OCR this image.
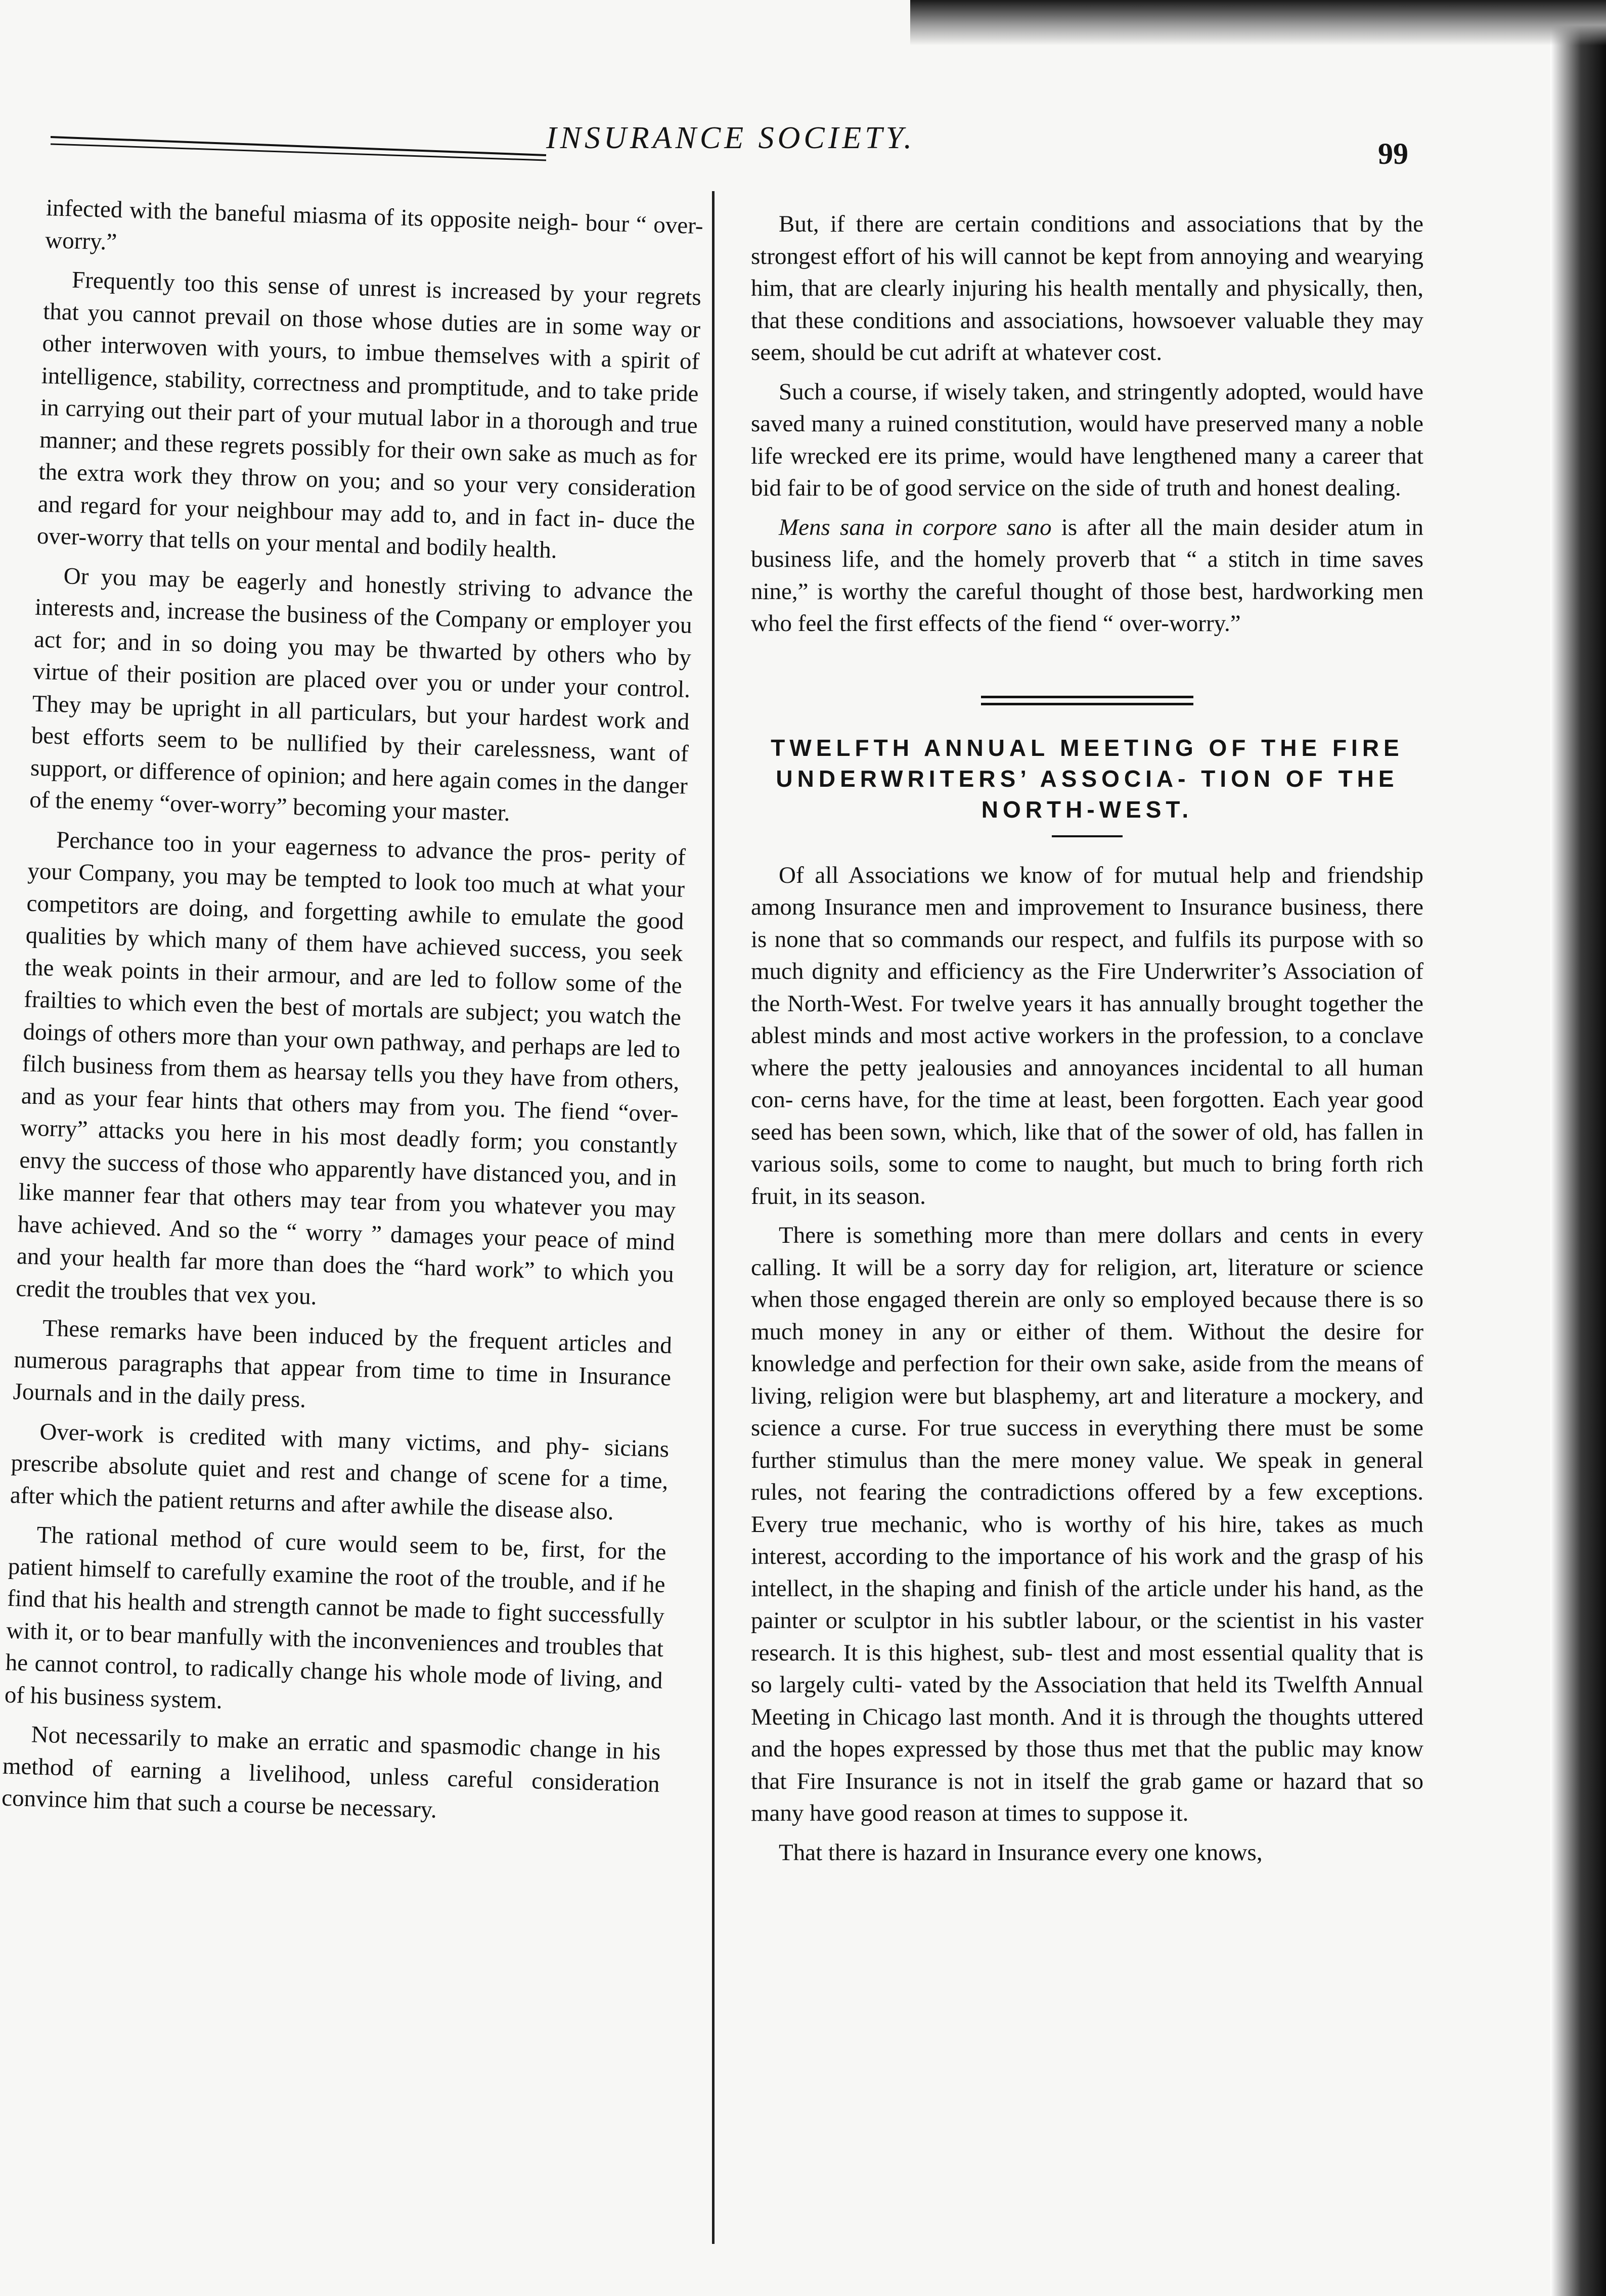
INSURANCE SOCIETY.	99

infected with the baneful miasma of its opposite neigh- bour “ over-worry.”

Frequently too this sense of unrest is increased by your regrets that you cannot prevail on those whose duties are in some way or other interwoven with yours, to imbue themselves with a spirit of intelligence, stability, correctness and promptitude, and to take pride in carrying out their part of your mutual labor in a thorough and true manner; and these regrets possibly for their own sake as much as for the extra work they throw on you; and so your very consideration and regard for your neighbour may add to, and in fact in- duce the over-worry that tells on your mental and bodily health.

Or you may be eagerly and honestly striving to advance the interests and, increase the business of the Company or employer you act for; and in so doing you may be thwarted by others who by virtue of their position are placed over you or under your control. They may be upright in all particulars, but your hardest work and best efforts seem to be nullified by their carelessness, want of support, or difference of opinion; and here again comes in the danger of the enemy “over-worry” becoming your master.

Perchance too in your eagerness to advance the pros- perity of your Company, you may be tempted to look too much at what your competitors are doing, and forgetting awhile to emulate the good qualities by which many of them have achieved success, you seek the weak points in their armour, and are led to follow some of the frailties to which even the best of mortals are subject; you watch the doings of others more than your own pathway, and perhaps are led to filch business from them as hearsay tells you they have from others, and as your fear hints that others may from you. The fiend “over-worry” attacks you here in his most deadly form; you constantly envy the success of those who apparently have distanced you, and in like manner fear that others may tear from you whatever you may have achieved. And so the “ worry ” damages your peace of mind and your health far more than does the “hard work” to which you credit the troubles that vex you.

These remarks have been induced by the frequent articles and numerous paragraphs that appear from time to time in Insurance Journals and in the daily press.

Over-work is credited with many victims, and phy- sicians prescribe absolute quiet and rest and change of scene for a time, after which the patient returns and after awhile the disease also.

The rational method of cure would seem to be, first, for the patient himself to carefully examine the root of the trouble, and if he find that his health and strength cannot be made to fight successfully with it, or to bear manfully with the inconveniences and troubles that he cannot control, to radically change his whole mode of living, and of his business system.

Not necessarily to make an erratic and spasmodic change in his method of earning a livelihood, unless careful consideration convince him that such a course be necessary.

But, if there are certain conditions and associations that by the strongest effort of his will cannot be kept from annoying and wearying him, that are clearly injuring his health mentally and physically, then, that these conditions and associations, howsoever valuable they may seem, should be cut adrift at whatever cost.

Such a course, if wisely taken, and stringently adopted, would have saved many a ruined constitution, would have preserved many a noble life wrecked ere its prime, would have lengthened many a career that bid fair to be of good service on the side of truth and honest dealing.

Mens sana in corpore sano is after all the main desider atum in business life, and the homely proverb that “ a stitch in time saves nine,” is worthy the careful thought of those best, hardworking men who feel the first effects of the fiend “ over-worry.”

TWELFTH ANNUAL MEETING OF THE FIRE UNDERWRITERS’ ASSOCIA- TION OF THE NORTH-WEST.

Of all Associations we know of for mutual help and friendship among Insurance men and improvement to Insurance business, there is none that so commands our respect, and fulfils its purpose with so much dignity and efficiency as the Fire Underwriter’s Association of the North-West. For twelve years it has annually brought together the ablest minds and most active workers in the profession, to a conclave where the petty jealousies and annoyances incidental to all human con- cerns have, for the time at least, been forgotten. Each year good seed has been sown, which, like that of the sower of old, has fallen in various soils, some to come to naught, but much to bring forth rich fruit, in its season.

There is something more than mere dollars and cents in every calling. It will be a sorry day for religion, art, literature or science when those engaged therein are only so employed because there is so much money in any or either of them. Without the desire for knowledge and perfection for their own sake, aside from the means of living, religion were but blasphemy, art and literature a mockery, and science a curse. For true success in everything there must be some further stimulus than the mere money value. We speak in general rules, not fearing the contradictions offered by a few exceptions. Every true mechanic, who is worthy of his hire, takes as much interest, according to the importance of his work and the grasp of his intellect, in the shaping and finish of the article under his hand, as the painter or sculptor in his subtler labour, or the scientist in his vaster research. It is this highest, sub- tlest and most essential quality that is so largely culti- vated by the Association that held its Twelfth Annual Meeting in Chicago last month. And it is through the thoughts uttered and the hopes expressed by those thus met that the public may know that Fire Insurance is not in itself the grab game or hazard that so many have good reason at times to suppose it.

That there is hazard in Insurance every one knows,
